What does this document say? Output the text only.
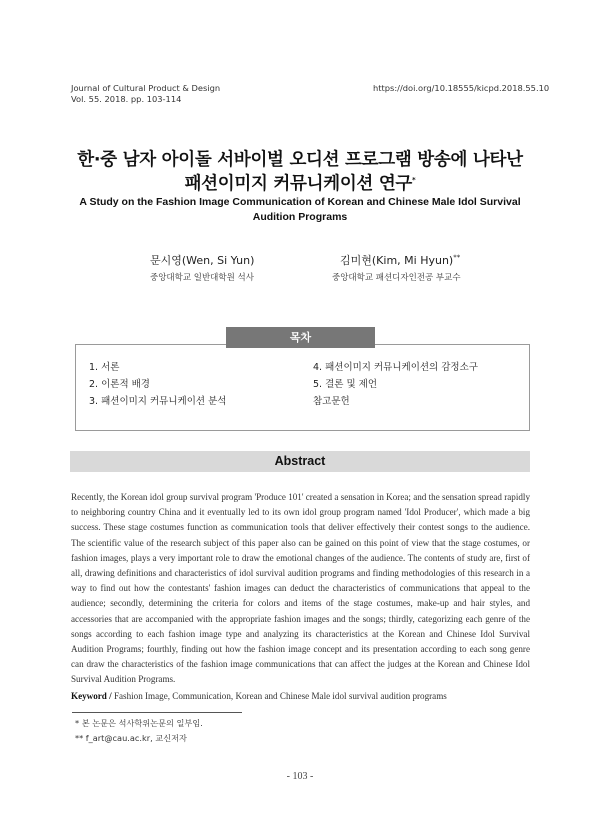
Journal of Cultural Product & Design
Vol. 55. 2018. pp. 103-114
https://doi.org/10.18555/kicpd.2018.55.10
한·중 남자 아이돌 서바이벌 오디션 프로그램 방송에 나타난
패션이미지 커뮤니케이션 연구*
A Study on the Fashion Image Communication of Korean and Chinese Male Idol Survival Audition Programs
문시영(Wen, Si Yun)
중앙대학교 일반대학원 석사
김미현(Kim, Mi Hyun)**
중앙대학교 패션디자인전공 부교수
목차
1. 서론
2. 이론적 배경
3. 패션이미지 커뮤니케이션 분석
4. 패션이미지 커뮤니케이션의 감정소구
5. 결론 및 제언
참고문헌
Abstract

Recently, the Korean idol group survival program 'Produce 101' created a sensation in Korea; and the sensation spread rapidly to neighboring country China and it eventually led to its own idol group program named 'Idol Producer', which made a big success. These stage costumes function as communication tools that deliver effectively their contest songs to the audience. The scientific value of the research subject of this paper also can be gained on this point of view that the stage costumes, or fashion images, plays a very important role to draw the emotional changes of the audience. The contents of study are, first of all, drawing definitions and characteristics of idol survival audition programs and finding methodologies of this research in a way to find out how the contestants' fashion images can deduct the characteristics of communications that appeal to the audience; secondly, determining the criteria for colors and items of the stage costumes, make-up and hair styles, and accessories that are accompanied with the appropriate fashion images and the songs; thirdly, categorizing each genre of the songs according to each fashion image type and analyzing its characteristics at the Korean and Chinese Idol Survival Audition Programs; fourthly, finding out how the fashion image concept and its presentation according to each song genre can draw the characteristics of the fashion image communications that can affect the judges at the Korean and Chinese Idol Survival Audition Programs.

Keyword / Fashion Image, Communication, Korean and Chinese Male idol survival audition programs
* 본 논문은 석사학위논문의 일부임.
** f_art@cau.ac.kr, 교신저자
- 103 -
